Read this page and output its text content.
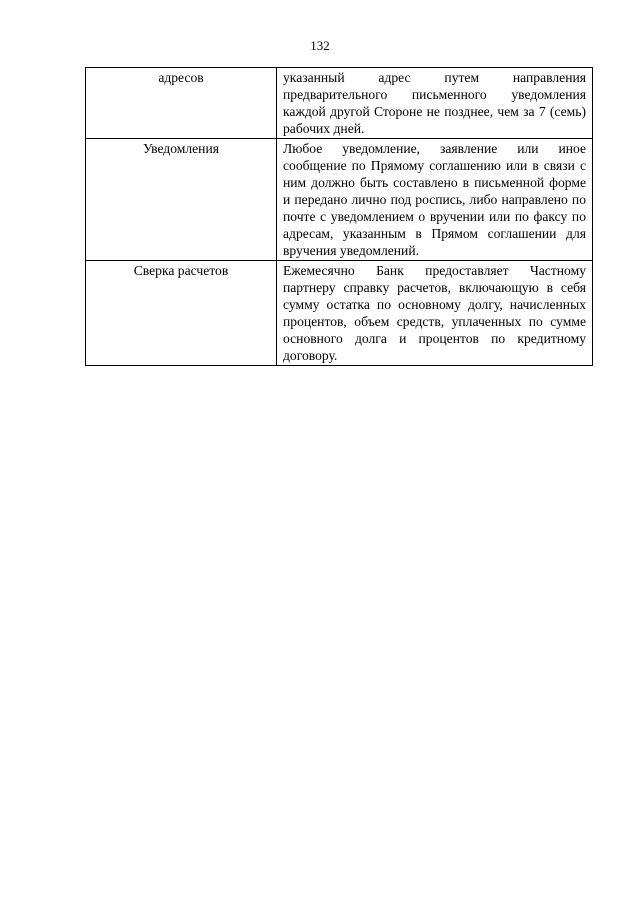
132
адресов	указанный адрес путем направления предварительного письменного уведомления каждой другой Стороне не позднее, чем за 7 (семь) рабочих дней.
Уведомления	Любое уведомление, заявление или иное сообщение по Прямому соглашению или в связи с ним должно быть составлено в письменной форме и передано лично под роспись, либо направлено по почте с уведомлением о вручении или по факсу по адресам, указанным в Прямом соглашении для вручения уведомлений.
Сверка расчетов	Ежемесячно Банк предоставляет Частному партнеру справку расчетов, включающую в себя сумму остатка по основному долгу, начисленных процентов, объем средств, уплаченных по сумме основного долга и процентов по кредитному договору.
